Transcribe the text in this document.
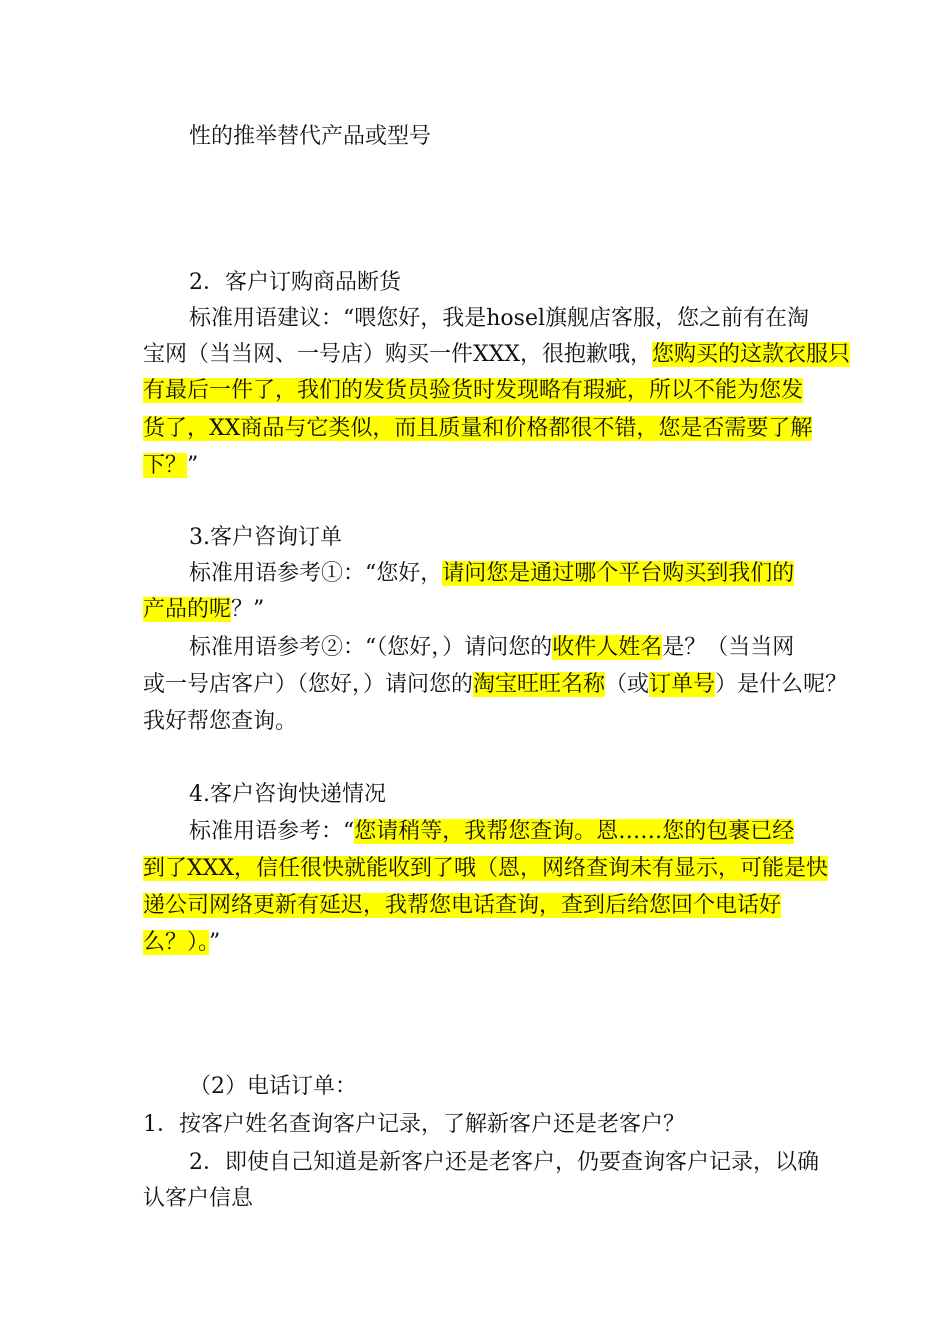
性的推举替代产品或型号
2．客户订购商品断货
标准用语建议：“喂您好，我是hosel旗舰店客服，您之前有在淘
宝网（当当网、一号店）购买一件XXX，很抱歉哦，您购买的这款衣服只
有最后一件了，我们的发货员验货时发现略有瑕疵，所以不能为您发
货了，XX商品与它类似，而且质量和价格都很不错，您是否需要了解
下？”
3.客户咨询订单
标准用语参考①：“您好，请问您是通过哪个平台购买到我们的
产品的呢？”
标准用语参考②：“（您好，）请问您的收件人姓名是？（当当网
或一号店客户）（您好，）请问您的淘宝旺旺名称（或订单号）是什么呢？
我好帮您查询。
4.客户咨询快递情况
标准用语参考：“您请稍等，我帮您查询。恩……您的包裹已经
到了XXX，信任很快就能收到了哦（恩，网络查询未有显示，可能是快
递公司网络更新有延迟，我帮您电话查询，查到后给您回个电话好
么？）。”
（2）电话订单：
1．按客户姓名查询客户记录，了解新客户还是老客户？
2．即使自己知道是新客户还是老客户，仍要查询客户记录，以确
认客户信息
